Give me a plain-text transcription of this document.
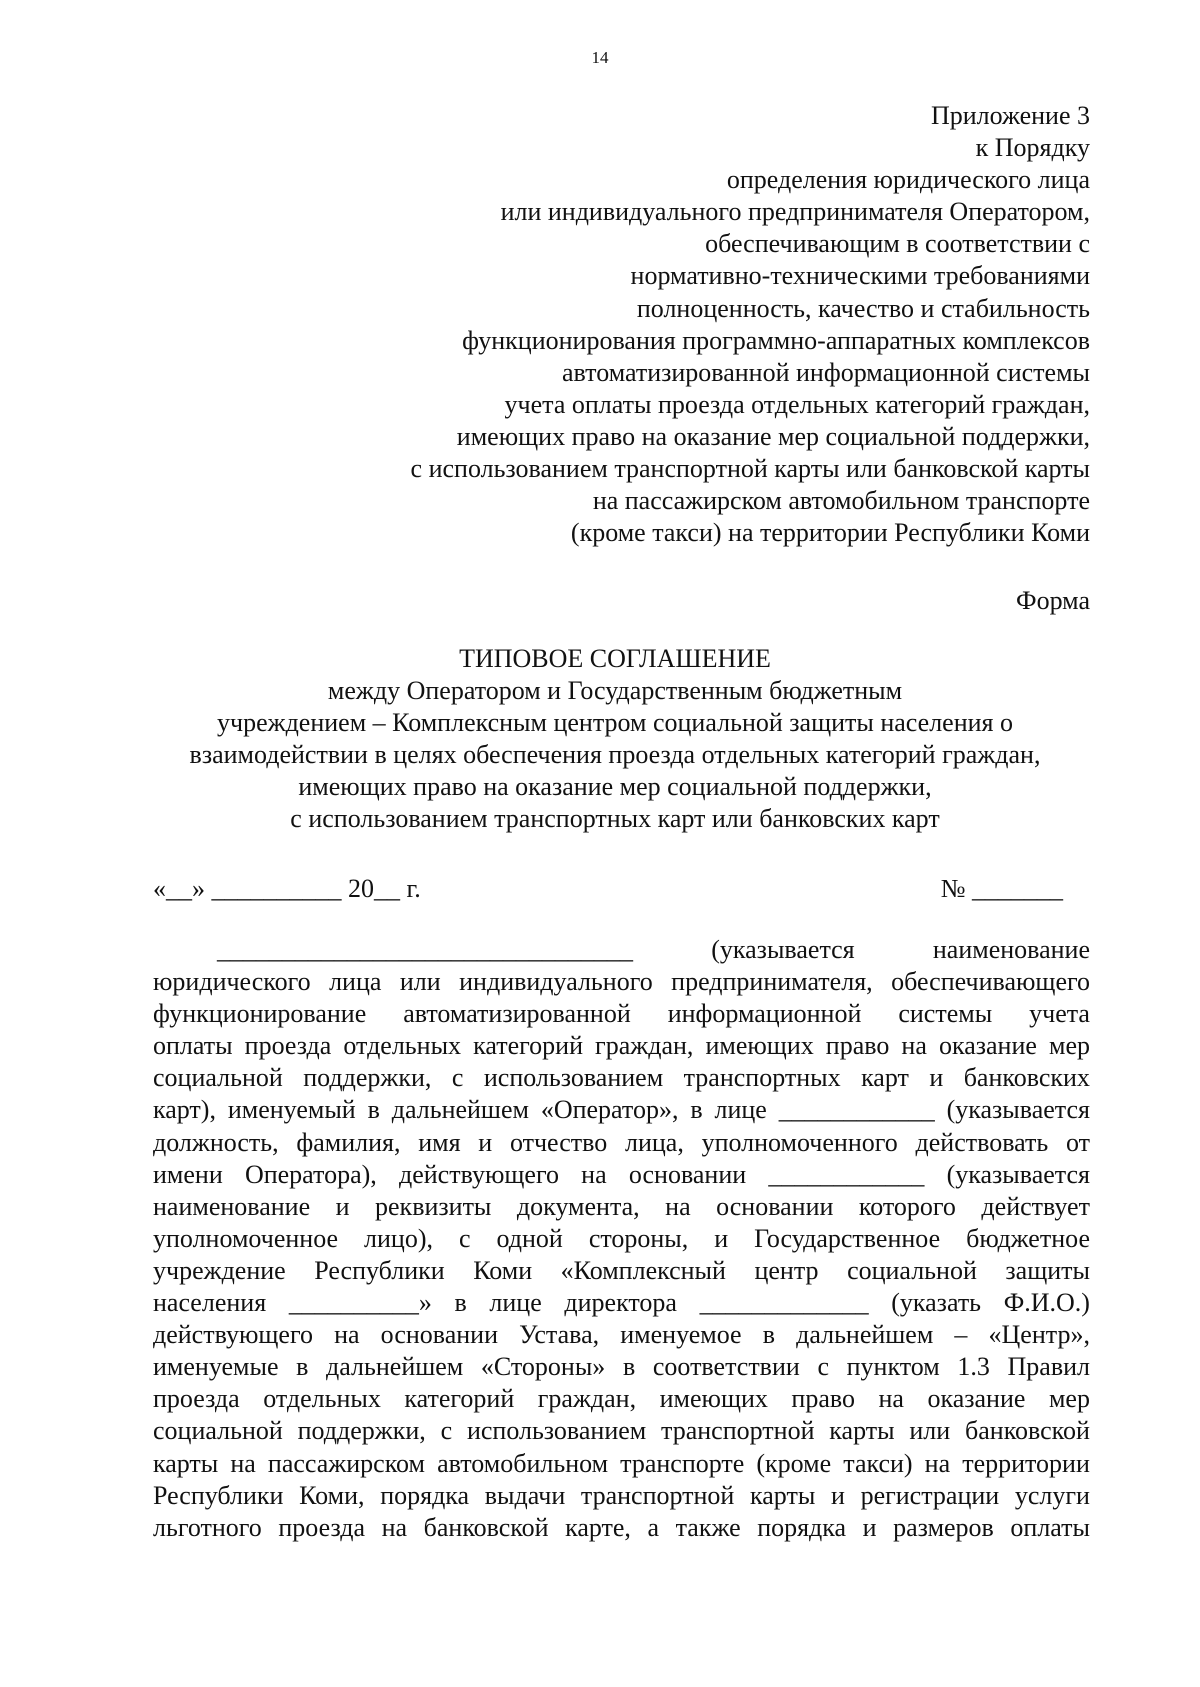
14
Приложение 3
к Порядку
определения юридического лица
или индивидуального предпринимателя Оператором,
обеспечивающим в соответствии с
нормативно-техническими требованиями
полноценность, качество и стабильность
функционирования программно-аппаратных комплексов
автоматизированной информационной системы
учета оплаты проезда отдельных категорий граждан,
имеющих право на оказание мер социальной поддержки,
с использованием транспортной карты или банковской карты
на пассажирском автомобильном транспорте
(кроме такси) на территории Республики Коми
Форма
ТИПОВОЕ СОГЛАШЕНИЕ
между Оператором и Государственным бюджетным
учреждением – Комплексным центром социальной защиты населения о
взаимодействии в целях обеспечения проезда отдельных категорий граждан,
имеющих право на оказание мер социальной поддержки,
с использованием транспортных карт или банковских карт
«__» __________ 20__ г.	№ _______
________________________________	(указывается	наименование
юридического лица или индивидуального предпринимателя, обеспечивающего
функционирование автоматизированной информационной системы учета
оплаты проезда отдельных категорий граждан, имеющих право на оказание мер
социальной поддержки, с использованием транспортных карт и банковских
карт), именуемый в дальнейшем «Оператор», в лице ____________ (указывается
должность, фамилия, имя и отчество лица, уполномоченного действовать от
имени Оператора), действующего на основании ____________ (указывается
наименование и реквизиты документа, на основании которого действует
уполномоченное лицо), с одной стороны, и Государственное бюджетное
учреждение Республики Коми «Комплексный центр социальной защиты
населения __________» в лице директора _____________ (указать Ф.И.О.)
действующего на основании Устава, именуемое в дальнейшем – «Центр»,
именуемые в дальнейшем «Стороны» в соответствии с пунктом 1.3 Правил
проезда отдельных категорий граждан, имеющих право на оказание мер
социальной поддержки, с использованием транспортной карты или банковской
карты на пассажирском автомобильном транспорте (кроме такси) на территории
Республики Коми, порядка выдачи транспортной карты и регистрации услуги
льготного проезда на банковской карте, а также порядка и размеров оплаты
